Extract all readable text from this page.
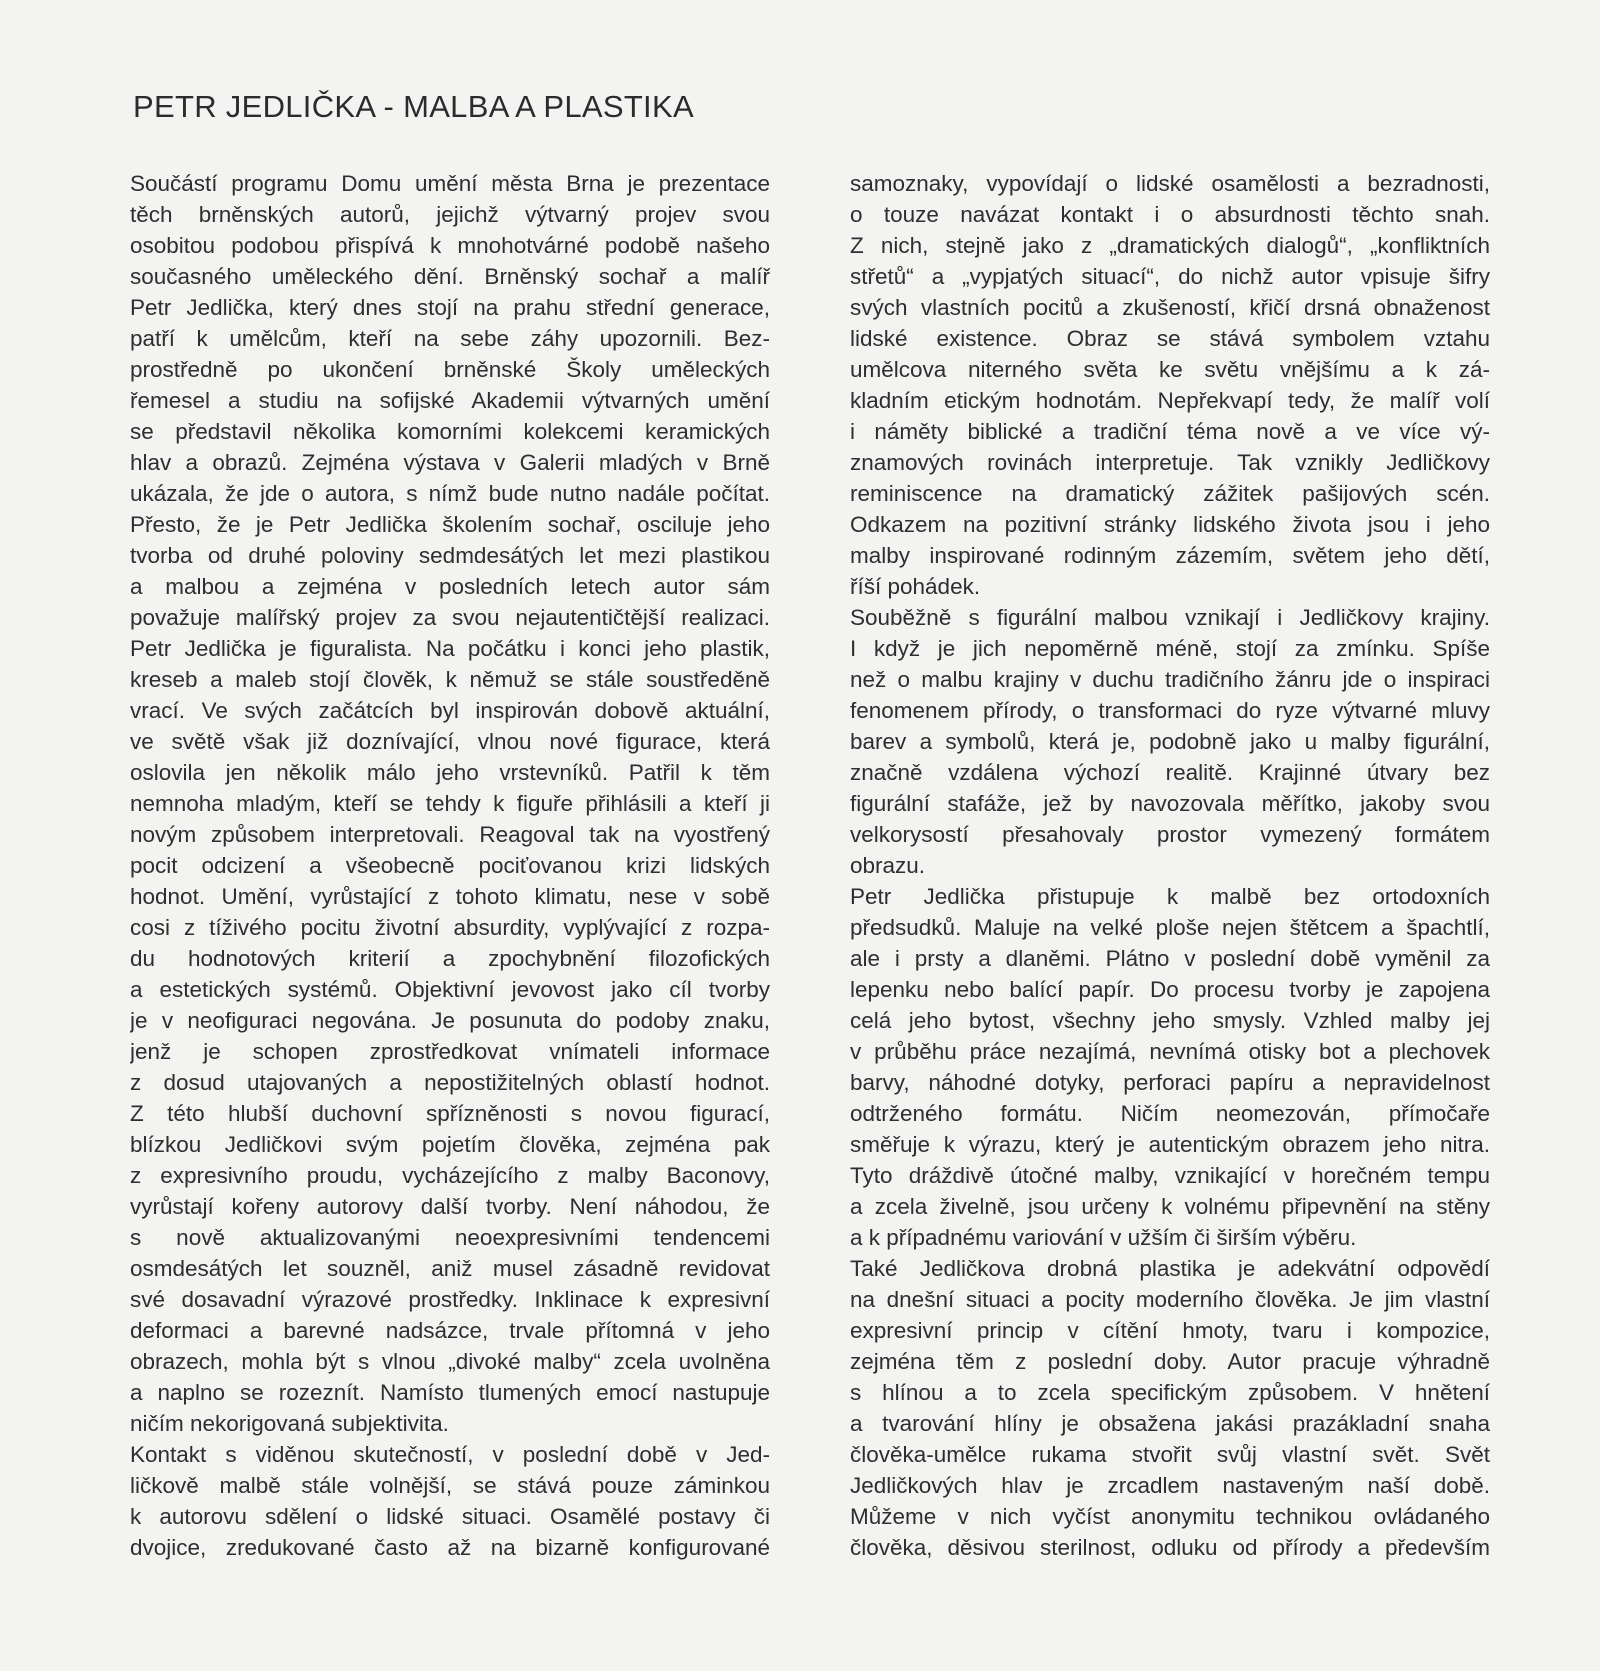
PETR JEDLIČKA - MALBA A PLASTIKA
Součástí programu Domu umění města Brna je prezentace
těch brněnských autorů, jejichž výtvarný projev svou
osobitou podobou přispívá k mnohotvárné podobě našeho
současného uměleckého dění. Brněnský sochař a malíř
Petr Jedlička, který dnes stojí na prahu střední generace,
patří k umělcům, kteří na sebe záhy upozornili. Bez-
prostředně po ukončení brněnské Školy uměleckých
řemesel a studiu na sofijské Akademii výtvarných umění
se představil několika komorními kolekcemi keramických
hlav a obrazů. Zejména výstava v Galerii mladých v Brně
ukázala, že jde o autora, s nímž bude nutno nadále počítat.
Přesto, že je Petr Jedlička školením sochař, osciluje jeho
tvorba od druhé poloviny sedmdesátých let mezi plastikou
a malbou a zejména v posledních letech autor sám
považuje malířský projev za svou nejautentičtější realizaci.
Petr Jedlička je figuralista. Na počátku i konci jeho plastik,
kreseb a maleb stojí člověk, k němuž se stále soustředěně
vrací. Ve svých začátcích byl inspirován dobově aktuální,
ve světě však již doznívající, vlnou nové figurace, která
oslovila jen několik málo jeho vrstevníků. Patřil k těm
nemnoha mladým, kteří se tehdy k figuře přihlásili a kteří ji
novým způsobem interpretovali. Reagoval tak na vyostřený
pocit odcizení a všeobecně pociťovanou krizi lidských
hodnot. Umění, vyrůstající z tohoto klimatu, nese v sobě
cosi z tíživého pocitu životní absurdity, vyplývající z rozpa-
du hodnotových kriterií a zpochybnění filozofických
a estetických systémů. Objektivní jevovost jako cíl tvorby
je v neofiguraci negována. Je posunuta do podoby znaku,
jenž je schopen zprostředkovat vnímateli informace
z dosud utajovaných a nepostižitelných oblastí hodnot.
Z této hlubší duchovní spřízněnosti s novou figurací,
blízkou Jedličkovi svým pojetím člověka, zejména pak
z expresivního proudu, vycházejícího z malby Baconovy,
vyrůstají kořeny autorovy další tvorby. Není náhodou, že
s nově aktualizovanými neoexpresivními tendencemi
osmdesátých let souzněl, aniž musel zásadně revidovat
své dosavadní výrazové prostředky. Inklinace k expresivní
deformaci a barevné nadsázce, trvale přítomná v jeho
obrazech, mohla být s vlnou „divoké malby“ zcela uvolněna
a naplno se rozeznít. Namísto tlumených emocí nastupuje
ničím nekorigovaná subjektivita.
Kontakt s viděnou skutečností, v poslední době v Jed-
ličkově malbě stále volnější, se stává pouze záminkou
k autorovu sdělení o lidské situaci. Osamělé postavy či
dvojice, zredukované často až na bizarně konfigurované
samoznaky, vypovídají o lidské osamělosti a bezradnosti,
o touze navázat kontakt i o absurdnosti těchto snah.
Z nich, stejně jako z „dramatických dialogů“, „konfliktních
střetů“ a „vypjatých situací“, do nichž autor vpisuje šifry
svých vlastních pocitů a zkušeností, křičí drsná obnaženost
lidské existence. Obraz se stává symbolem vztahu
umělcova niterného světa ke světu vnějšímu a k zá-
kladním etickým hodnotám. Nepřekvapí tedy, že malíř volí
i náměty biblické a tradiční téma nově a ve více vý-
znamových rovinách interpretuje. Tak vznikly Jedličkovy
reminiscence na dramatický zážitek pašijových scén.
Odkazem na pozitivní stránky lidského života jsou i jeho
malby inspirované rodinným zázemím, světem jeho dětí,
říší pohádek.
Souběžně s figurální malbou vznikají i Jedličkovy krajiny.
I když je jich nepoměrně méně, stojí za zmínku. Spíše
než o malbu krajiny v duchu tradičního žánru jde o inspiraci
fenomenem přírody, o transformaci do ryze výtvarné mluvy
barev a symbolů, která je, podobně jako u malby figurální,
značně vzdálena výchozí realitě. Krajinné útvary bez
figurální stafáže, jež by navozovala měřítko, jakoby svou
velkorysostí přesahovaly prostor vymezený formátem
obrazu.
Petr Jedlička přistupuje k malbě bez ortodoxních
předsudků. Maluje na velké ploše nejen štětcem a špachtlí,
ale i prsty a dlaněmi. Plátno v poslední době vyměnil za
lepenku nebo balící papír. Do procesu tvorby je zapojena
celá jeho bytost, všechny jeho smysly. Vzhled malby jej
v průběhu práce nezajímá, nevnímá otisky bot a plechovek
barvy, náhodné dotyky, perforaci papíru a nepravidelnost
odtrženého formátu. Ničím neomezován, přímočaře
směřuje k výrazu, který je autentickým obrazem jeho nitra.
Tyto dráždivě útočné malby, vznikající v horečném tempu
a zcela živelně, jsou určeny k volnému připevnění na stěny
a k případnému variování v užším či širším výběru.
Také Jedličkova drobná plastika je adekvátní odpovědí
na dnešní situaci a pocity moderního člověka. Je jim vlastní
expresivní princip v cítění hmoty, tvaru i kompozice,
zejména těm z poslední doby. Autor pracuje výhradně
s hlínou a to zcela specifickým způsobem. V hnětení
a tvarování hlíny je obsažena jakási prazákladní snaha
člověka-umělce rukama stvořit svůj vlastní svět. Svět
Jedličkových hlav je zrcadlem nastaveným naší době.
Můžeme v nich vyčíst anonymitu technikou ovládaného
člověka, děsivou sterilnost, odluku od přírody a především
